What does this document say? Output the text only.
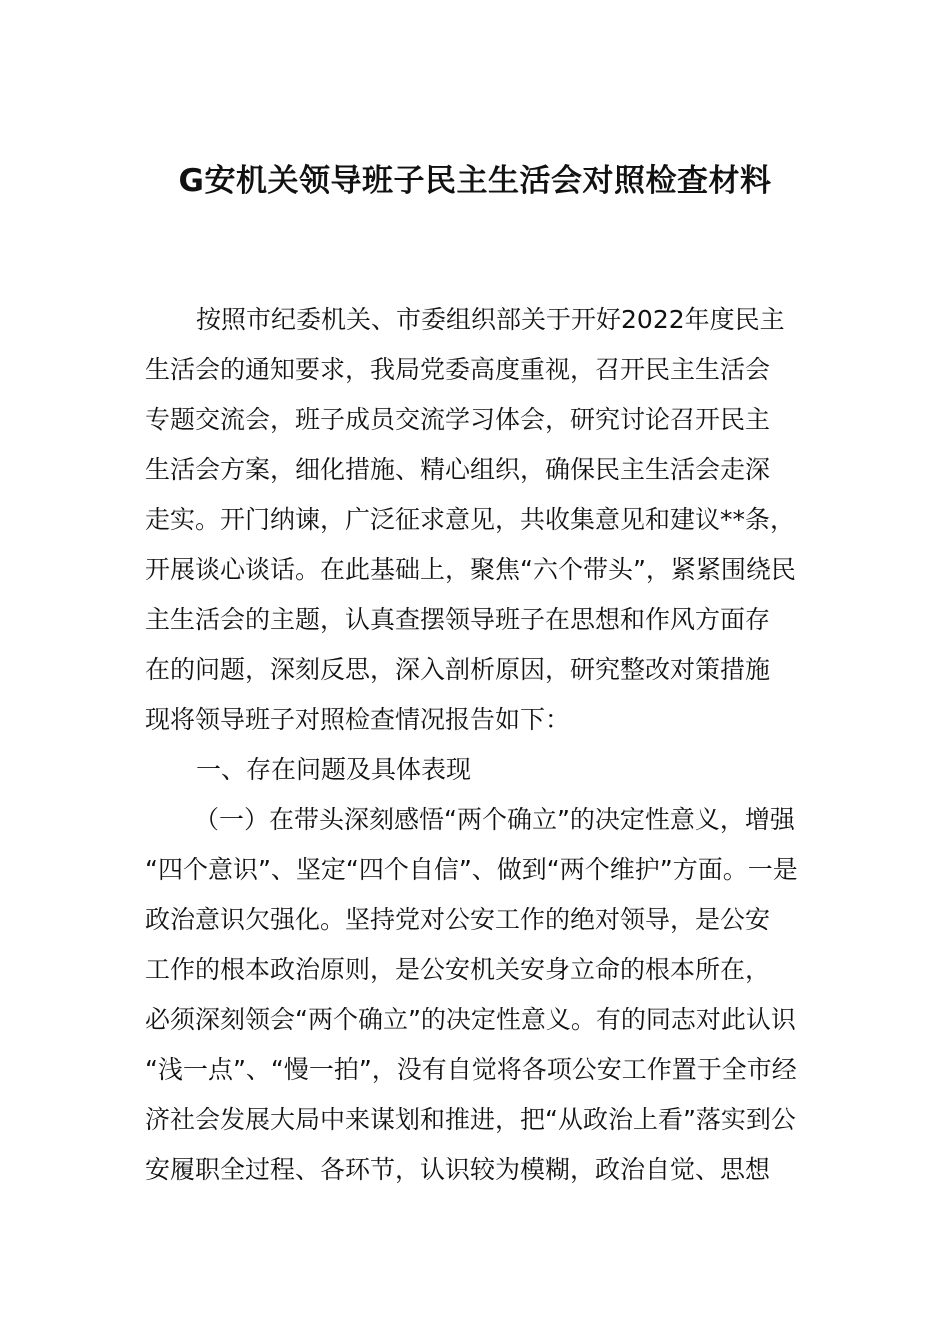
G安机关领导班子民主生活会对照检查材料
按照市纪委机关、市委组织部关于开好2022年度民主
生活会的通知要求，我局党委高度重视，召开民主生活会
专题交流会，班子成员交流学习体会，研究讨论召开民主
生活会方案，细化措施、精心组织，确保民主生活会走深
走实。开门纳谏，广泛征求意见，共收集意见和建议**条，
开展谈心谈话。在此基础上，聚焦“六个带头”，紧紧围绕民
主生活会的主题，认真查摆领导班子在思想和作风方面存
在的问题，深刻反思，深入剖析原因，研究整改对策措施
现将领导班子对照检查情况报告如下：
一、存在问题及具体表现
（一）在带头深刻感悟“两个确立”的决定性意义，增强
“四个意识”、坚定“四个自信”、做到“两个维护”方面。一是
政治意识欠强化。坚持党对公安工作的绝对领导，是公安
工作的根本政治原则，是公安机关安身立命的根本所在，
必须深刻领会“两个确立”的决定性意义。有的同志对此认识
“浅一点”、“慢一拍”，没有自觉将各项公安工作置于全市经
济社会发展大局中来谋划和推进，把“从政治上看”落实到公
安履职全过程、各环节，认识较为模糊，政治自觉、思想
